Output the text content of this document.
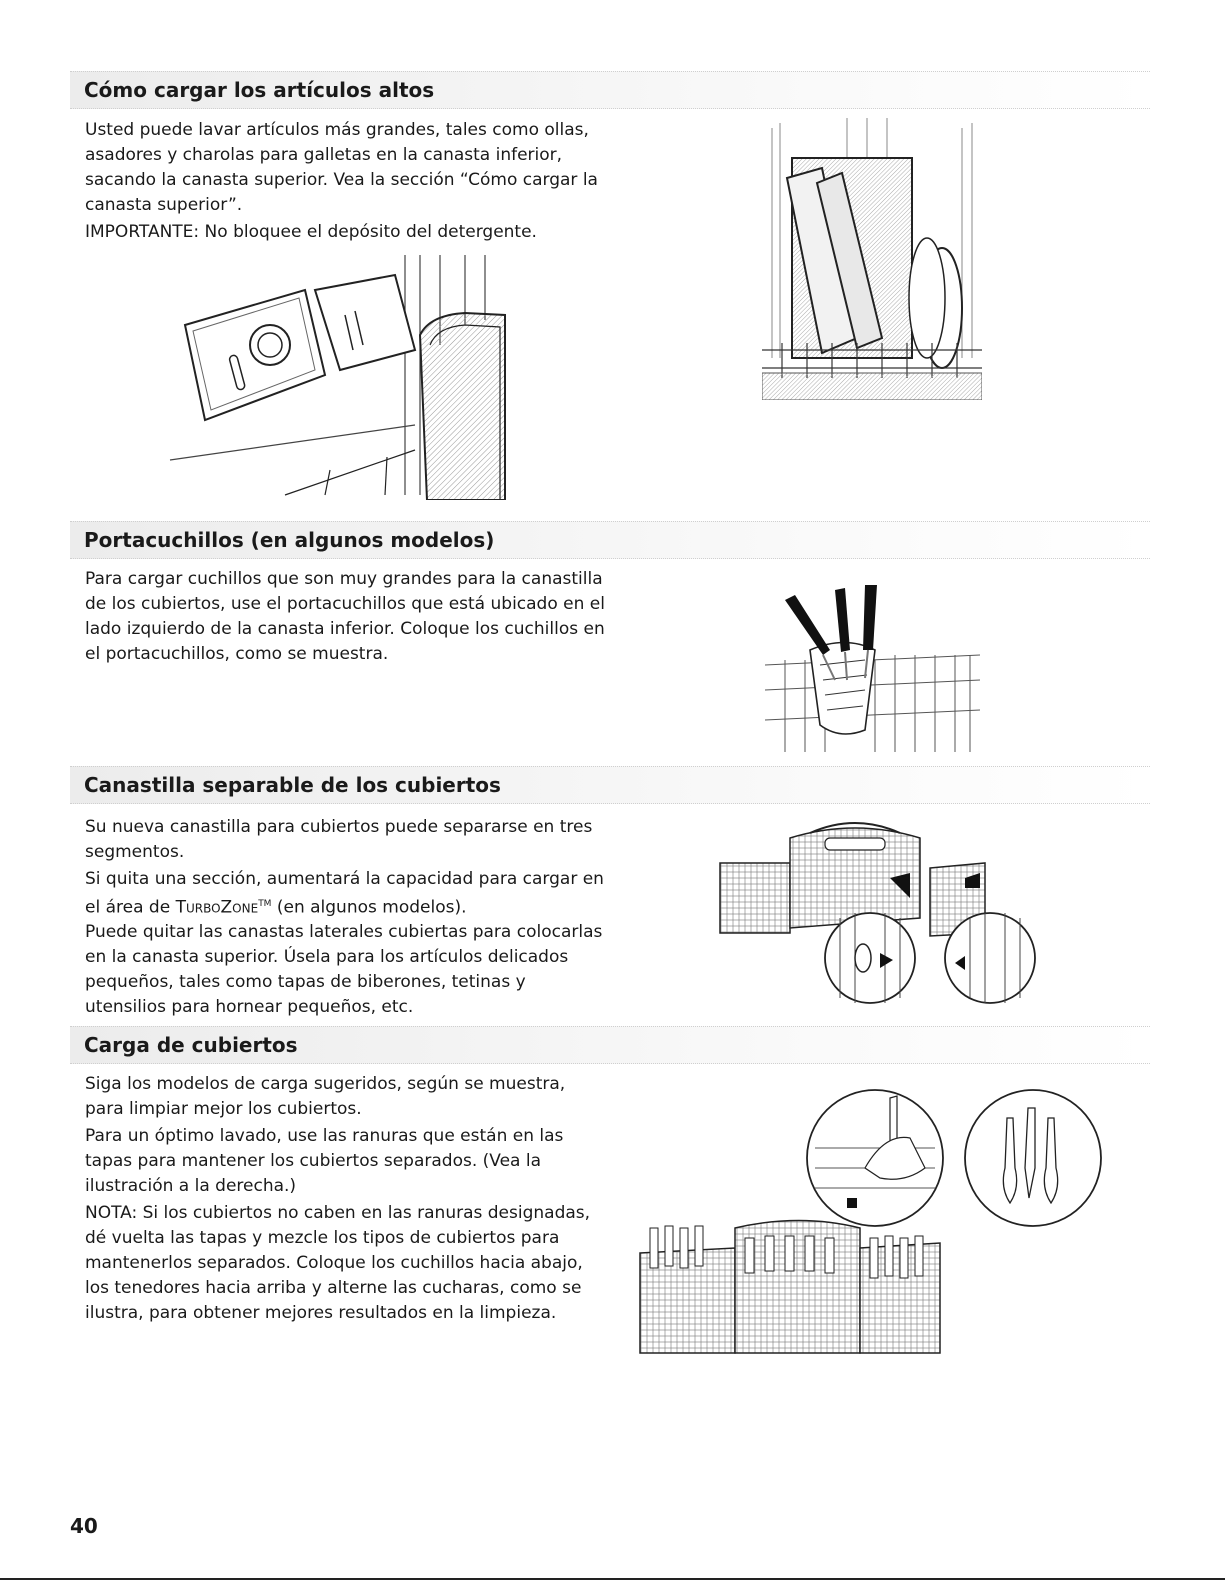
Cómo cargar los artículos altos

Usted puede lavar artículos más grandes, tales como ollas, asadores y charolas para galletas en la canasta inferior, sacando la canasta superior. Vea la sección “Cómo cargar la canasta superior”.

IMPORTANTE: No bloquee el depósito del detergente.

Portacuchillos (en algunos modelos)

Para cargar cuchillos que son muy grandes para la canastilla de los cubiertos, use el portacuchillos que está ubicado en el lado izquierdo de la canasta inferior. Coloque los cuchillos en el portacuchillos, como se muestra.

Canastilla separable de los cubiertos

Su nueva canastilla para cubiertos puede separarse en tres segmentos.

Si quita una sección, aumentará la capacidad para cargar en el área de TurboZone™ (en algunos modelos).

Puede quitar las canastas laterales cubiertas para colocarlas en la canasta superior. Úsela para los artículos delicados pequeños, tales como tapas de biberones, tetinas y utensilios para hornear pequeños, etc.

Carga de cubiertos

Siga los modelos de carga sugeridos, según se muestra, para limpiar mejor los cubiertos.

Para un óptimo lavado, use las ranuras que están en las tapas para mantener los cubiertos separados. (Vea la ilustración a la derecha.)

NOTA: Si los cubiertos no caben en las ranuras designadas, dé vuelta las tapas y mezcle los tipos de cubiertos para mantenerlos separados. Coloque los cuchillos hacia abajo, los tenedores hacia arriba y alterne las cucharas, como se ilustra, para obtener mejores resultados en la limpieza.

40
